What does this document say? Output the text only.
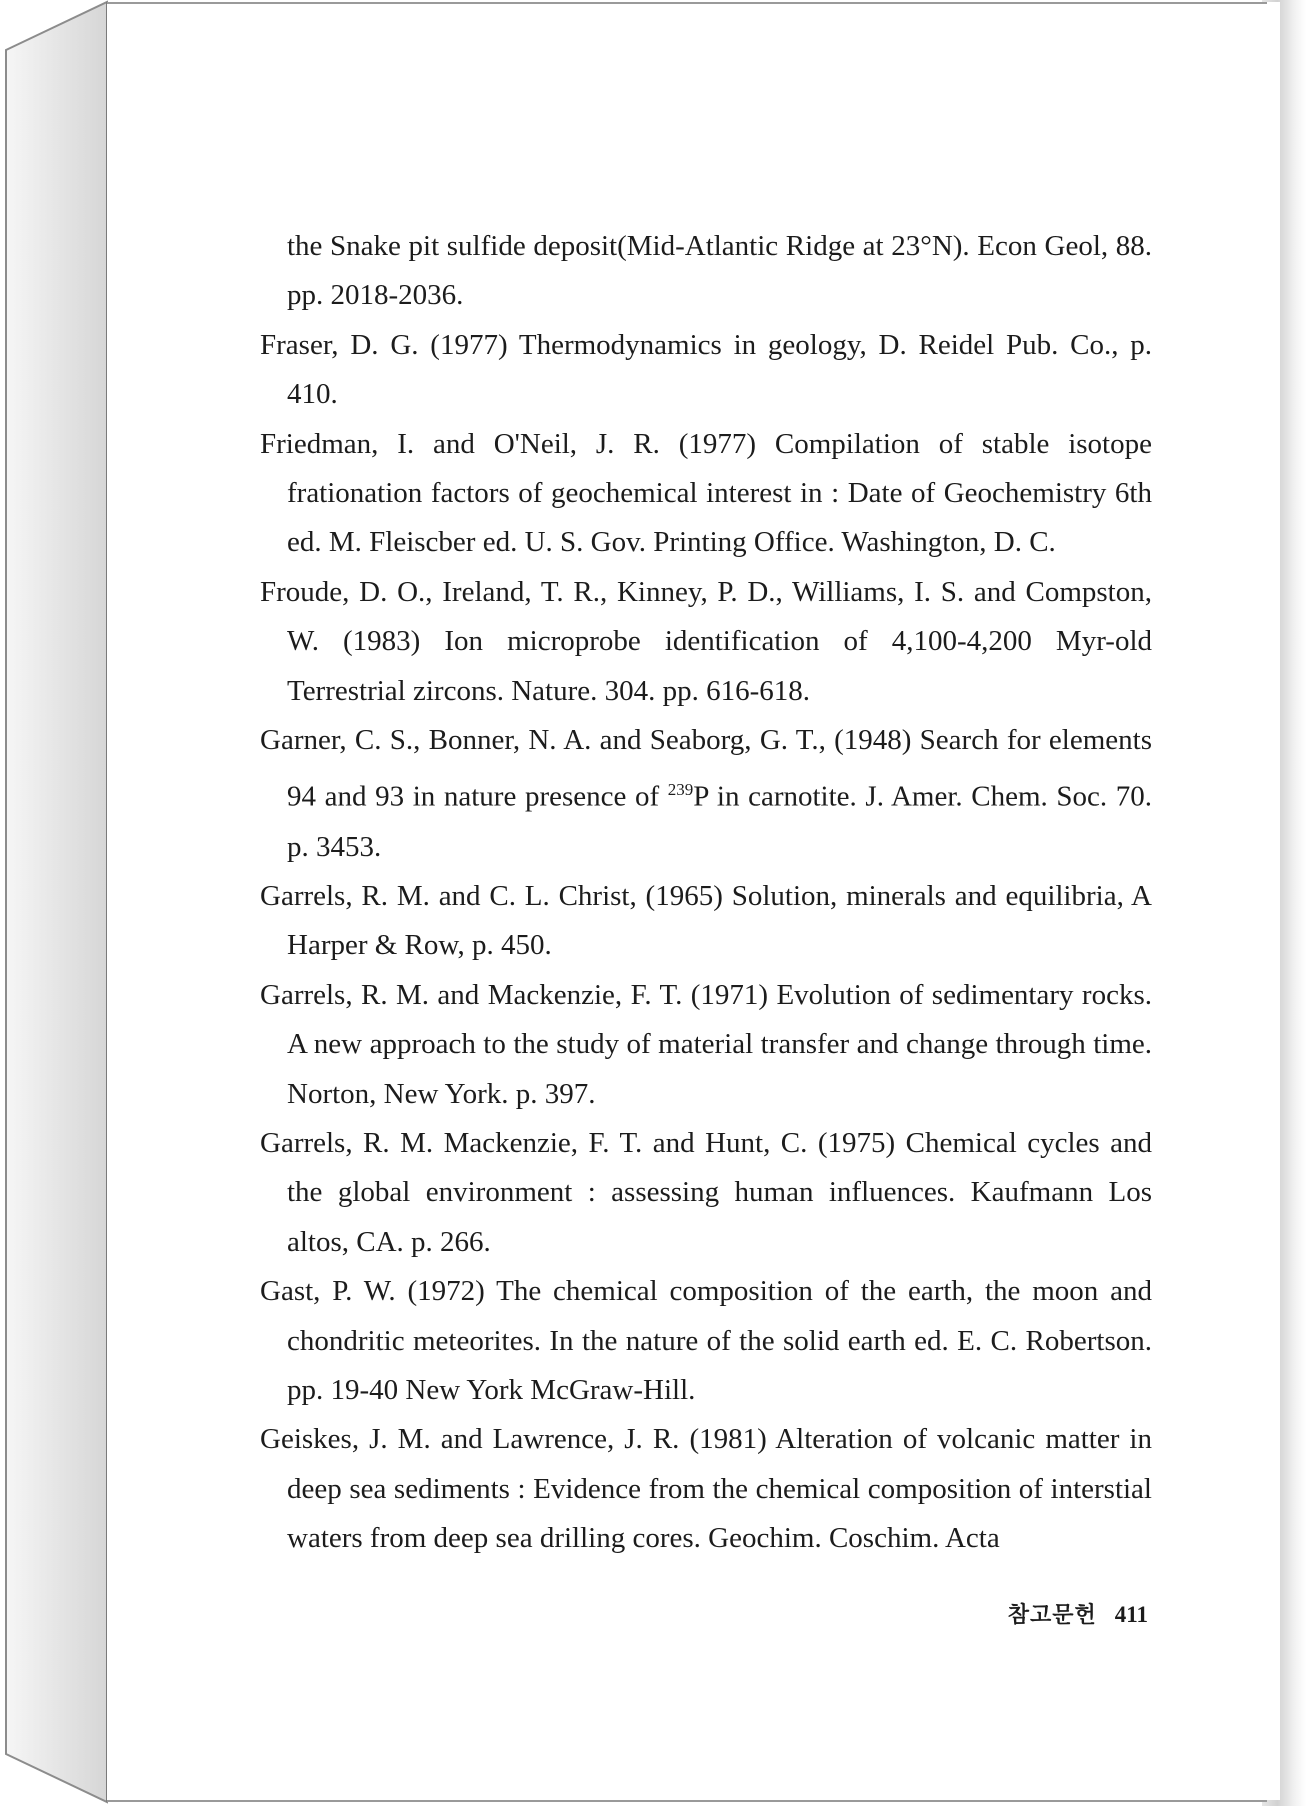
the Snake pit sulfide deposit(Mid-Atlantic Ridge at 23°N). Econ Geol, 88. pp. 2018-2036.

Fraser, D. G. (1977) Thermodynamics in geology, D. Reidel Pub. Co., p. 410.

Friedman, I. and O'Neil, J. R. (1977) Compilation of stable isotope frationation factors of geochemical interest in : Date of Geochemistry 6th ed. M. Fleiscber ed. U. S. Gov. Printing Office. Washington, D. C.

Froude, D. O., Ireland, T. R., Kinney, P. D., Williams, I. S. and Compston, W. (1983) Ion microprobe identification of 4,100-4,200 Myr-old Terrestrial zircons. Nature. 304. pp. 616-618.

Garner, C. S., Bonner, N. A. and Seaborg, G. T., (1948) Search for elements 94 and 93 in nature presence of $^{239}$P in carnotite. J. Amer. Chem. Soc. 70. p. 3453.

Garrels, R. M. and C. L. Christ, (1965) Solution, minerals and equilibria, A Harper & Row, p. 450.

Garrels, R. M. and Mackenzie, F. T. (1971) Evolution of sedimentary rocks. A new approach to the study of material transfer and change through time. Norton, New York. p. 397.

Garrels, R. M. Mackenzie, F. T. and Hunt, C. (1975) Chemical cycles and the global environment : assessing human influences. Kaufmann Los altos, CA. p. 266.

Gast, P. W. (1972) The chemical composition of the earth, the moon and chondritic meteorites. In the nature of the solid earth ed. E. C. Robertson. pp. 19-40 New York McGraw-Hill.

Geiskes, J. M. and Lawrence, J. R. (1981) Alteration of volcanic matter in deep sea sediments : Evidence from the chemical composition of interstial waters from deep sea drilling cores. Geochim. Coschim. Acta

참고문헌 411
